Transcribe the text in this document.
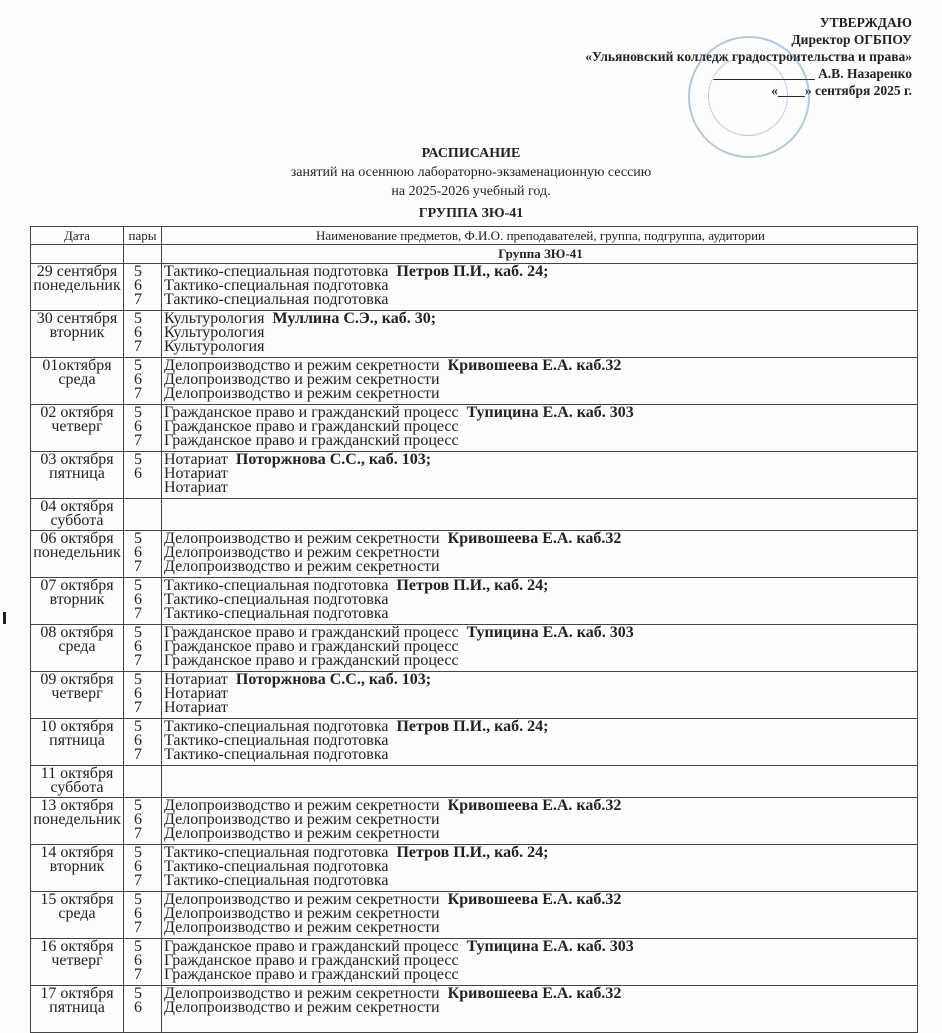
УТВЕРЖДАЮ
Директор ОГБПОУ
«Ульяновский колледж градостроительства и права»
_______________ А.В. Назаренко
«____» сентября 2025 г.
РАСПИСАНИЕ
занятий на осеннюю лабораторно-экзаменационную сессию
на 2025-2026 учебный год.
ГРУППА ЗЮ-41
Дата	пары	Наименование предметов, Ф.И.О. преподавателей, группа, подгруппа, аудитории
Группа ЗЮ-41
29 сентября
понедельник
5
6
7
Тактико-специальная подготовка Петров П.И., каб. 24;
Тактико-специальная подготовка
Тактико-специальная подготовка
30 сентября
вторник
5
6
7
Культурология Муллина С.Э., каб. 30;
Культурология
Культурология
01октября
среда
5
6
7
Делопроизводство и режим секретности Кривошеева Е.А. каб.32
Делопроизводство и режим секретности
Делопроизводство и режим секретности
02 октября
четверг
5
6
7
Гражданское право и гражданский процесс Тупицина Е.А. каб. 303
Гражданское право и гражданский процесс
Гражданское право и гражданский процесс
03 октября
пятница
5
6
Нотариат Поторжнова С.С., каб. 103;
Нотариат
Нотариат
04 октября
суббота
06 октября
понедельник
5
6
7
Делопроизводство и режим секретности Кривошеева Е.А. каб.32
Делопроизводство и режим секретности
Делопроизводство и режим секретности
07 октября
вторник
5
6
7
Тактико-специальная подготовка Петров П.И., каб. 24;
Тактико-специальная подготовка
Тактико-специальная подготовка
08 октября
среда
5
6
7
Гражданское право и гражданский процесс Тупицина Е.А. каб. 303
Гражданское право и гражданский процесс
Гражданское право и гражданский процесс
09 октября
четверг
5
6
7
Нотариат Поторжнова С.С., каб. 103;
Нотариат
Нотариат
10 октября
пятница
5
6
7
Тактико-специальная подготовка Петров П.И., каб. 24;
Тактико-специальная подготовка
Тактико-специальная подготовка
11 октября
суббота
13 октября
понедельник
5
6
7
Делопроизводство и режим секретности Кривошеева Е.А. каб.32
Делопроизводство и режим секретности
Делопроизводство и режим секретности
14 октября
вторник
5
6
7
Тактико-специальная подготовка Петров П.И., каб. 24;
Тактико-специальная подготовка
Тактико-специальная подготовка
15 октября
среда
5
6
7
Делопроизводство и режим секретности Кривошеева Е.А. каб.32
Делопроизводство и режим секретности
Делопроизводство и режим секретности
16 октября
четверг
5
6
7
Гражданское право и гражданский процесс Тупицина Е.А. каб. 303
Гражданское право и гражданский процесс
Гражданское право и гражданский процесс
17 октября
пятница
5
6
Делопроизводство и режим секретности Кривошеева Е.А. каб.32
Делопроизводство и режим секретности
